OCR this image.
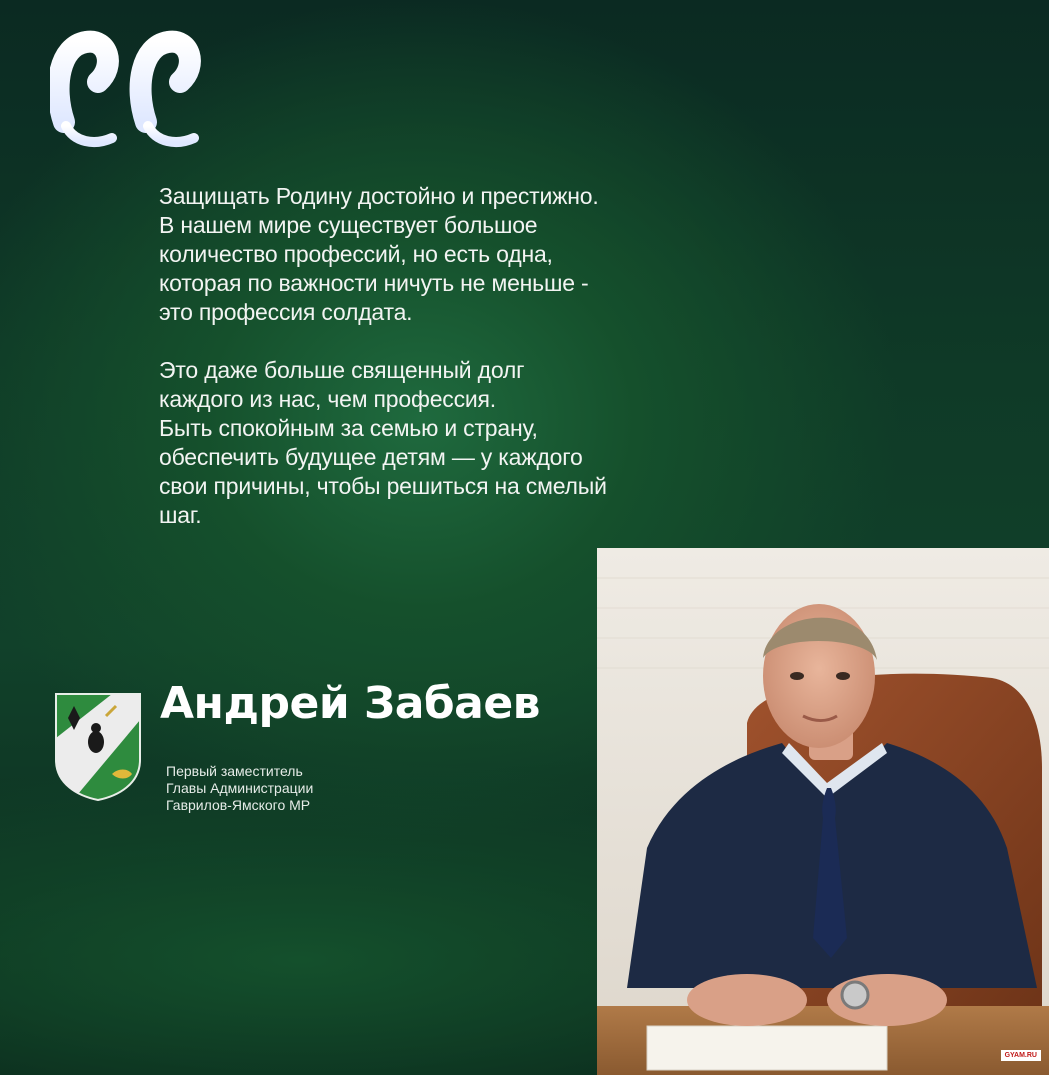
Защищать Родину достойно и престижно.
В нашем мире существует большое
количество профессий, но есть одна,
которая по важности ничуть не меньше -
это профессия солдата.

Это даже больше священный долг
каждого из нас, чем профессия.
Быть спокойным за семью и страну,
обеспечить будущее детям — у каждого
свои причины, чтобы решиться на смелый
шаг.

Андрей Забаев
Первый заместитель
Главы Администрации
Гаврилов-Ямского МР
GYAM.RU
